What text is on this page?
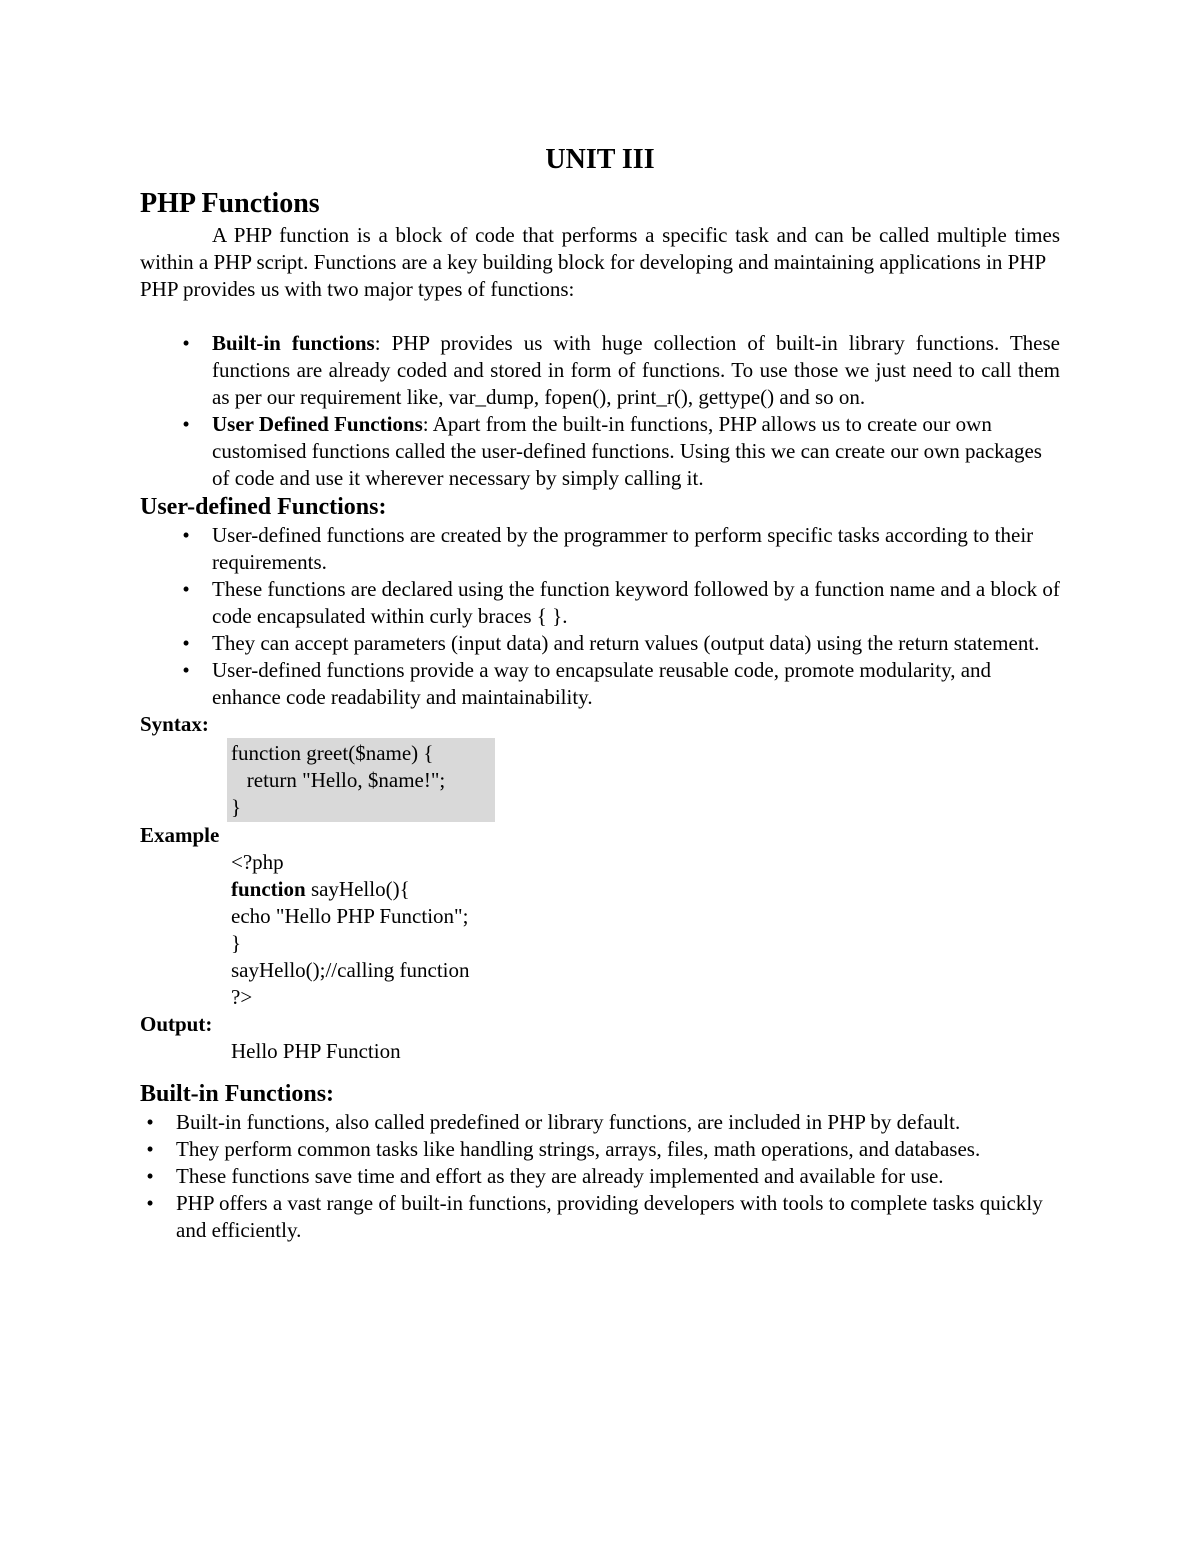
UNIT III
PHP Functions

A PHP function is a block of code that performs a specific task and can be called multiple times within a PHP script. Functions are a key building block for developing and maintaining applications in PHP

PHP provides us with two major types of functions:

•	Built-in functions: PHP provides us with huge collection of built-in library functions. These functions are already coded and stored in form of functions. To use those we just need to call them as per our requirement like, var_dump, fopen(), print_r(), gettype() and so on.
•	User Defined Functions: Apart from the built-in functions, PHP allows us to create our own customised functions called the user-defined functions. Using this we can create our own packages of code and use it wherever necessary by simply calling it.
User-defined Functions:
•	User-defined functions are created by the programmer to perform specific tasks according to their requirements.
•	These functions are declared using the function keyword followed by a function name and a block of code encapsulated within curly braces { }.
•	They can accept parameters (input data) and return values (output data) using the return statement.
•	User-defined functions provide a way to encapsulate reusable code, promote modularity, and enhance code readability and maintainability.
Syntax:
function greet($name) {
return "Hello, $name!";
}
Example
<?php
function sayHello(){
echo "Hello PHP Function";
}
sayHello();//calling function
?>
Output:
Hello PHP Function
Built-in Functions:
•	Built-in functions, also called predefined or library functions, are included in PHP by default.
•	They perform common tasks like handling strings, arrays, files, math operations, and databases.
•	These functions save time and effort as they are already implemented and available for use.
•	PHP offers a vast range of built-in functions, providing developers with tools to complete tasks quickly and efficiently.
